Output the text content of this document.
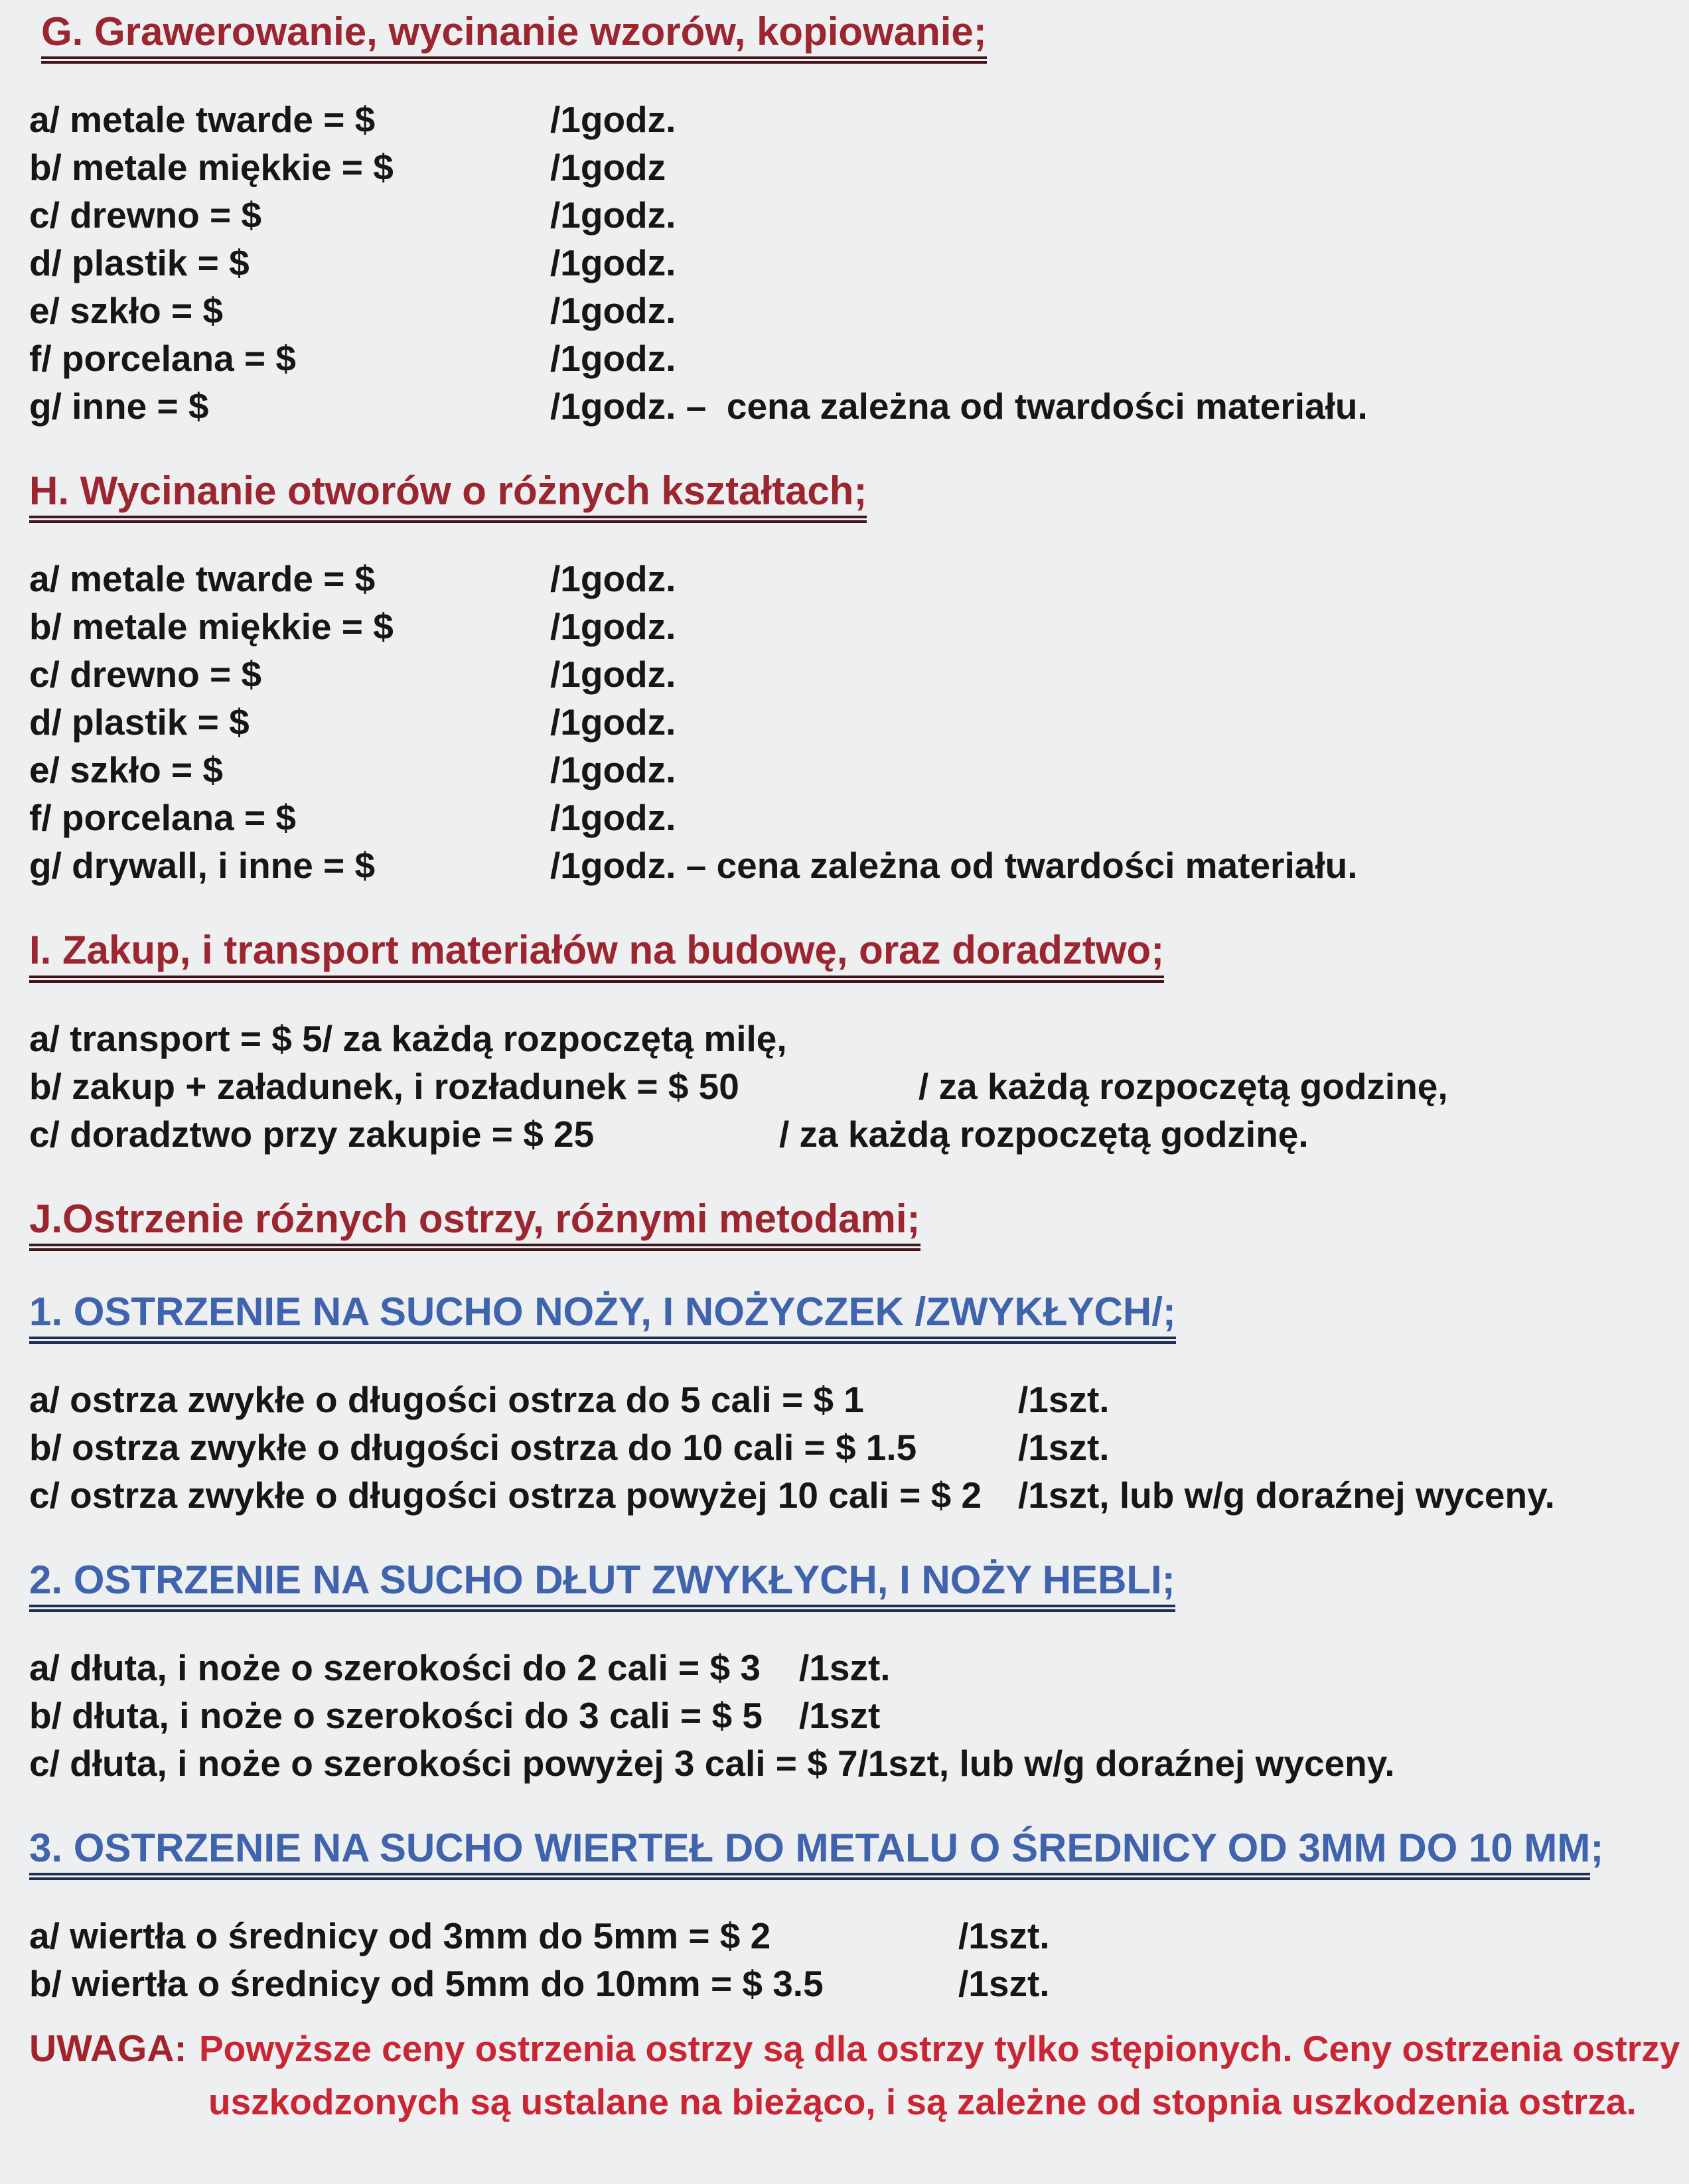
G. Grawerowanie, wycinanie wzorów, kopiowanie;
a/ metale twarde = $	/1godz.
b/ metale miękkie = $	/1godz
c/ drewno = $	/1godz.
d/ plastik = $	/1godz.
e/ szkło = $	/1godz.
f/ porcelana = $	/1godz.
g/ inne = $	/1godz. –  cena zależna od twardości materiału.
H. Wycinanie otworów o różnych kształtach;
a/ metale twarde = $	/1godz.
b/ metale miękkie = $	/1godz.
c/ drewno = $	/1godz.
d/ plastik = $	/1godz.
e/ szkło = $	/1godz.
f/ porcelana = $	/1godz.
g/ drywall, i inne = $	/1godz. – cena zależna od twardości materiału.
I. Zakup, i transport materiałów na budowę, oraz doradztwo;
a/ transport = $ 5/ za każdą rozpoczętą milę,
b/ zakup + załadunek, i rozładunek = $ 50	/ za każdą rozpoczętą godzinę,
c/ doradztwo przy zakupie = $ 25	/ za każdą rozpoczętą godzinę.
J.Ostrzenie różnych ostrzy, różnymi metodami;
1. OSTRZENIE NA SUCHO NOŻY, I NOŻYCZEK /ZWYKŁYCH/;
a/ ostrza zwykłe o długości ostrza do 5 cali = $ 1	/1szt.
b/ ostrza zwykłe o długości ostrza do 10 cali = $ 1.5	/1szt.
c/ ostrza zwykłe o długości ostrza powyżej 10 cali = $ 2 /1szt, lub w/g doraźnej wyceny.
2. OSTRZENIE NA SUCHO DŁUT ZWYKŁYCH, I NOŻY HEBLI;
a/ dłuta, i noże o szerokości do 2 cali = $ 3	/1szt.
b/ dłuta, i noże o szerokości do 3 cali = $ 5	/1szt
c/ dłuta, i noże o szerokości powyżej 3 cali = $ 7 /1szt, lub w/g doraźnej wyceny.
3. OSTRZENIE NA SUCHO WIERTEŁ DO METALU O ŚREDNICY OD 3MM DO 10 MM;
a/ wiertła o średnicy od 3mm do 5mm = $ 2	/1szt.
b/ wiertła o średnicy od 5mm do 10mm = $ 3.5	/1szt.
UWAGA: Powyższe ceny ostrzenia ostrzy są dla ostrzy tylko stępionych. Ceny ostrzenia ostrzy
uszkodzonych są ustalane na bieżąco, i są zależne od stopnia uszkodzenia ostrza.
